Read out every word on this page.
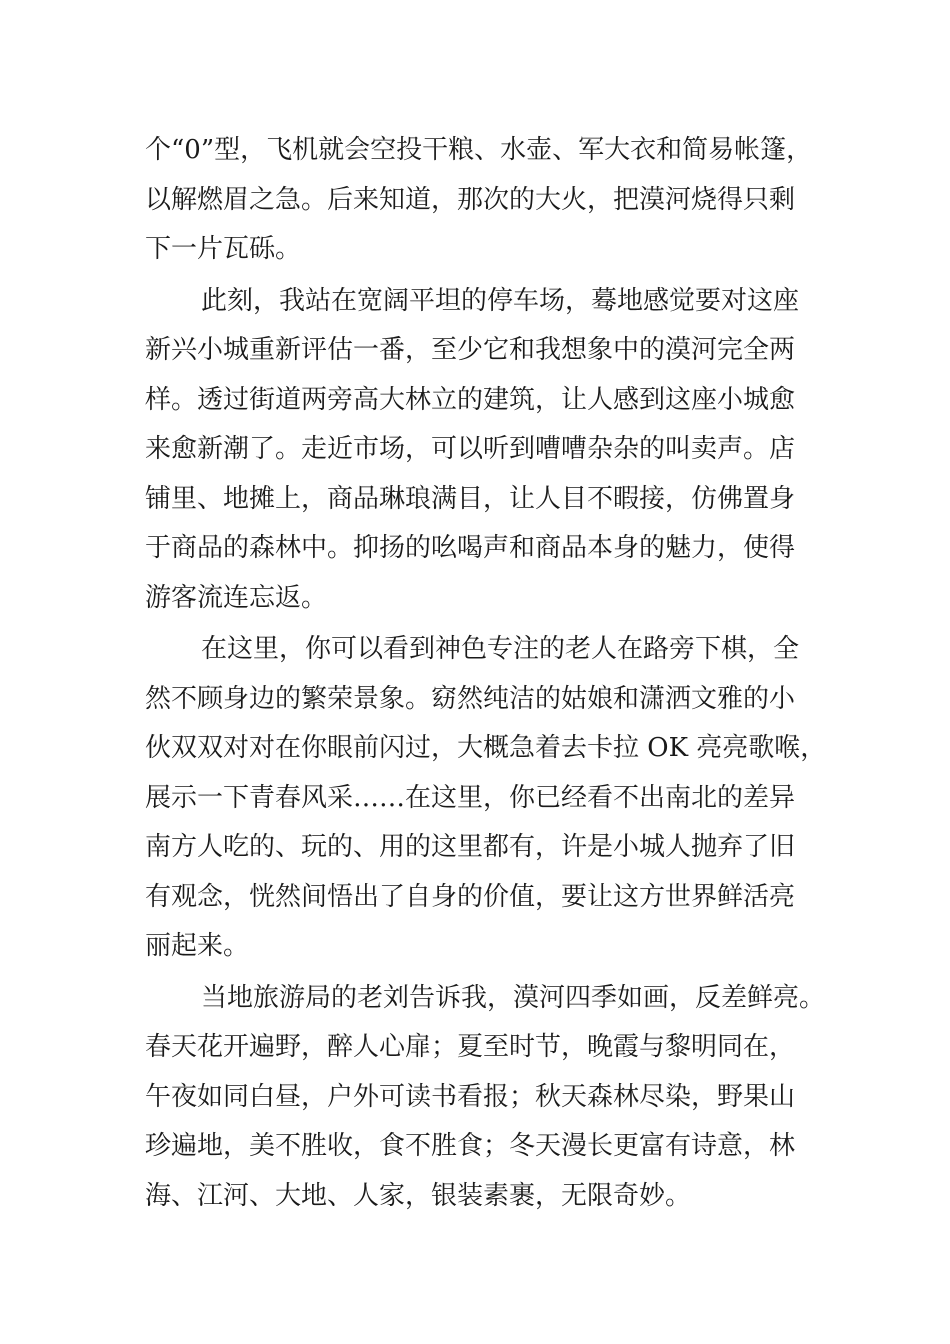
个“0”型，飞机就会空投干粮、水壶、军大衣和简易帐篷，
以解燃眉之急。后来知道，那次的大火，把漠河烧得只剩
下一片瓦砾。
此刻，我站在宽阔平坦的停车场，蓦地感觉要对这座
新兴小城重新评估一番，至少它和我想象中的漠河完全两
样。透过街道两旁高大林立的建筑，让人感到这座小城愈
来愈新潮了。走近市场，可以听到嘈嘈杂杂的叫卖声。店
铺里、地摊上，商品琳琅满目，让人目不暇接，仿佛置身
于商品的森林中。抑扬的吆喝声和商品本身的魅力，使得
游客流连忘返。
在这里，你可以看到神色专注的老人在路旁下棋，全
然不顾身边的繁荣景象。窈然纯洁的姑娘和潇洒文雅的小
伙双双对对在你眼前闪过，大概急着去卡拉 OK 亮亮歌喉，
展示一下青春风采……在这里，你已经看不出南北的差异
南方人吃的、玩的、用的这里都有，许是小城人抛弃了旧
有观念，恍然间悟出了自身的价值，要让这方世界鲜活亮
丽起来。
当地旅游局的老刘告诉我，漠河四季如画，反差鲜亮。
春天花开遍野，醉人心扉；夏至时节，晚霞与黎明同在，
午夜如同白昼，户外可读书看报；秋天森林尽染，野果山
珍遍地，美不胜收，食不胜食；冬天漫长更富有诗意，林
海、江河、大地、人家，银装素裹，无限奇妙。
